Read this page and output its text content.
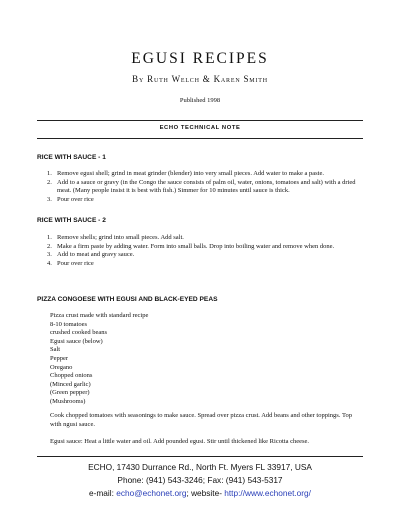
EGUSI RECIPES
By Ruth Welch & Karen Smith
Published 1998
ECHO TECHNICAL NOTE
RICE WITH SAUCE - 1
1. Remove egusi shell; grind in meat grinder (blender) into very small pieces. Add water to make a paste.
2. Add to a sauce or gravy (in the Congo the sauce consists of palm oil, water, onions, tomatoes and salt) with a dried meat. (Many people insist it is best with fish.) Simmer for 10 minutes until sauce is thick.
3. Pour over rice
RICE WITH SAUCE - 2
1. Remove shells; grind into small pieces. Add salt.
2. Make a firm paste by adding water. Form into small balls. Drop into boiling water and remove when done.
3. Add to meat and gravy sauce.
4. Pour over rice
PIZZA CONGOESE WITH EGUSI AND BLACK-EYED PEAS
Pizza crust made with standard recipe
8-10 tomatoes
crushed cooked beans
Egusi sauce (below)
Salt
Pepper
Oregano
Chopped onions
(Minced garlic)
(Green pepper)
(Mushrooms)
Cook chopped tomatoes with seasonings to make sauce. Spread over pizza crust. Add beans and other toppings. Top with ngusi sauce.
Egusi sauce: Heat a little water and oil. Add pounded egusi. Stir until thickened like Ricotta cheese.
ECHO, 17430 Durrance Rd., North Ft. Myers FL 33917, USA
Phone: (941) 543-3246; Fax: (941) 543-5317
e-mail: echo@echonet.org; website- http://www.echonet.org/
